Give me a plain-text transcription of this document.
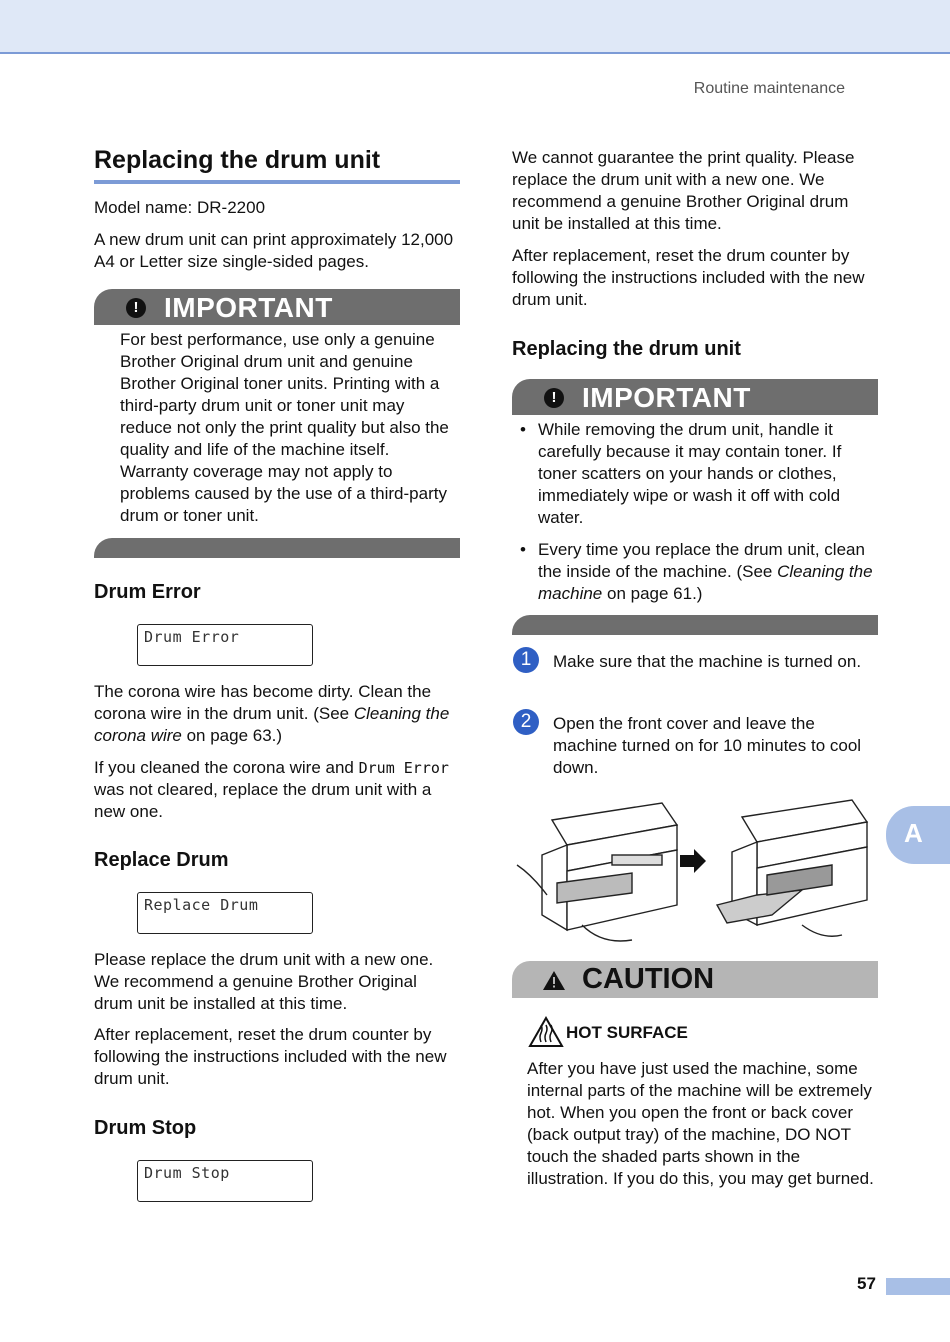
Routine maintenance
Replacing the drum unit

Model name: DR-2200

A new drum unit can print approximately 12,000 A4 or Letter size single-sided pages.

! IMPORTANT

For best performance, use only a genuine Brother Original drum unit and genuine Brother Original toner units. Printing with a third-party drum unit or toner unit may reduce not only the print quality but also the quality and life of the machine itself. Warranty coverage may not apply to problems caused by the use of a third-party drum or toner unit.

Drum Error
Drum Error

The corona wire has become dirty. Clean the corona wire in the drum unit. (See Cleaning the corona wire on page 63.)

If you cleaned the corona wire and Drum Error was not cleared, replace the drum unit with a new one.

Replace Drum
Replace Drum

Please replace the drum unit with a new one. We recommend a genuine Brother Original drum unit be installed at this time.

After replacement, reset the drum counter by following the instructions included with the new drum unit.

Drum Stop
Drum Stop

We cannot guarantee the print quality. Please replace the drum unit with a new one. We recommend a genuine Brother Original drum unit be installed at this time.

After replacement, reset the drum counter by following the instructions included with the new drum unit.

Replacing the drum unit
! IMPORTANT
• While removing the drum unit, handle it carefully because it may contain toner. If toner scatters on your hands or clothes, immediately wipe or wash it off with cold water.

• Every time you replace the drum unit, clean the inside of the machine. (See Cleaning the machine on page 61.)

1	Make sure that the machine is turned on.

2	Open the front cover and leave the machine turned on for 10 minutes to cool down.

CAUTION
HOT SURFACE

After you have just used the machine, some internal parts of the machine will be extremely hot. When you open the front or back cover (back output tray) of the machine, DO NOT touch the shaded parts shown in the illustration. If you do this, you may get burned.

A
57
